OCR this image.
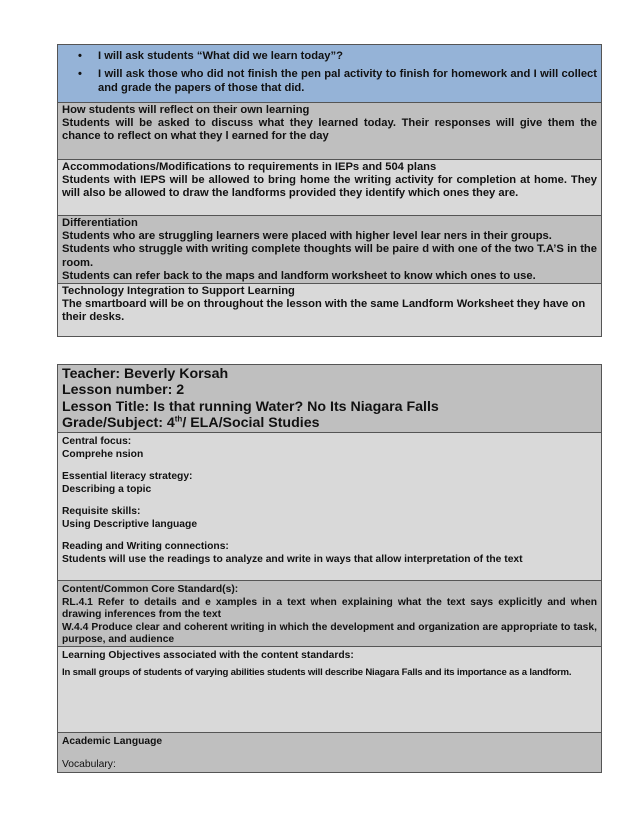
• I will ask students “What did we learn today”?
• I will ask those who did not finish the pen pal activity to finish for homework and I will collect and grade the papers of those that did.
How students will reflect on their own learning
Students will be asked to discuss what they learned today. Their responses will give them the chance to reflect on what they l earned for the day
Accommodations/Modifications to requirements in IEPs and 504 plans
Students with IEPS will be allowed to bring home the writing activity for completion at home. They will also be allowed to draw the landforms provided they identify which ones they are.
Differentiation
Students who are struggling learners were placed with higher level lear ners in their groups.
Students who struggle with writing complete thoughts will be paire d with one of the two T.A’S in the room.
Students can refer back to the maps and landform worksheet to know which ones to use.
Technology Integration to Support Learning
The smartboard will be on throughout the lesson with the same Landform Worksheet they have on their desks.
Teacher: Beverly Korsah
Lesson number: 2
Lesson Title: Is that running Water? No Its Niagara Falls
Grade/Subject: 4th/ ELA/Social Studies
Central focus:
Comprehe nsion
Essential literacy strategy:
Describing a topic
Requisite skills:
Using Descriptive language
Reading and Writing connections:
Students will use the readings to analyze and write in ways that allow interpretation of the text
Content/Common Core Standard(s):
RL.4.1 Refer to details and e xamples in a text when explaining what the text says explicitly and when drawing inferences from the text
W.4.4 Produce clear and coherent writing in which the development and organization are appropriate to task, purpose, and audience
Learning Objectives associated with the content standards:
In small groups of students of varying abilities students will describe Niagara Falls and its importance as a landform.
Academic Language
Vocabulary:
